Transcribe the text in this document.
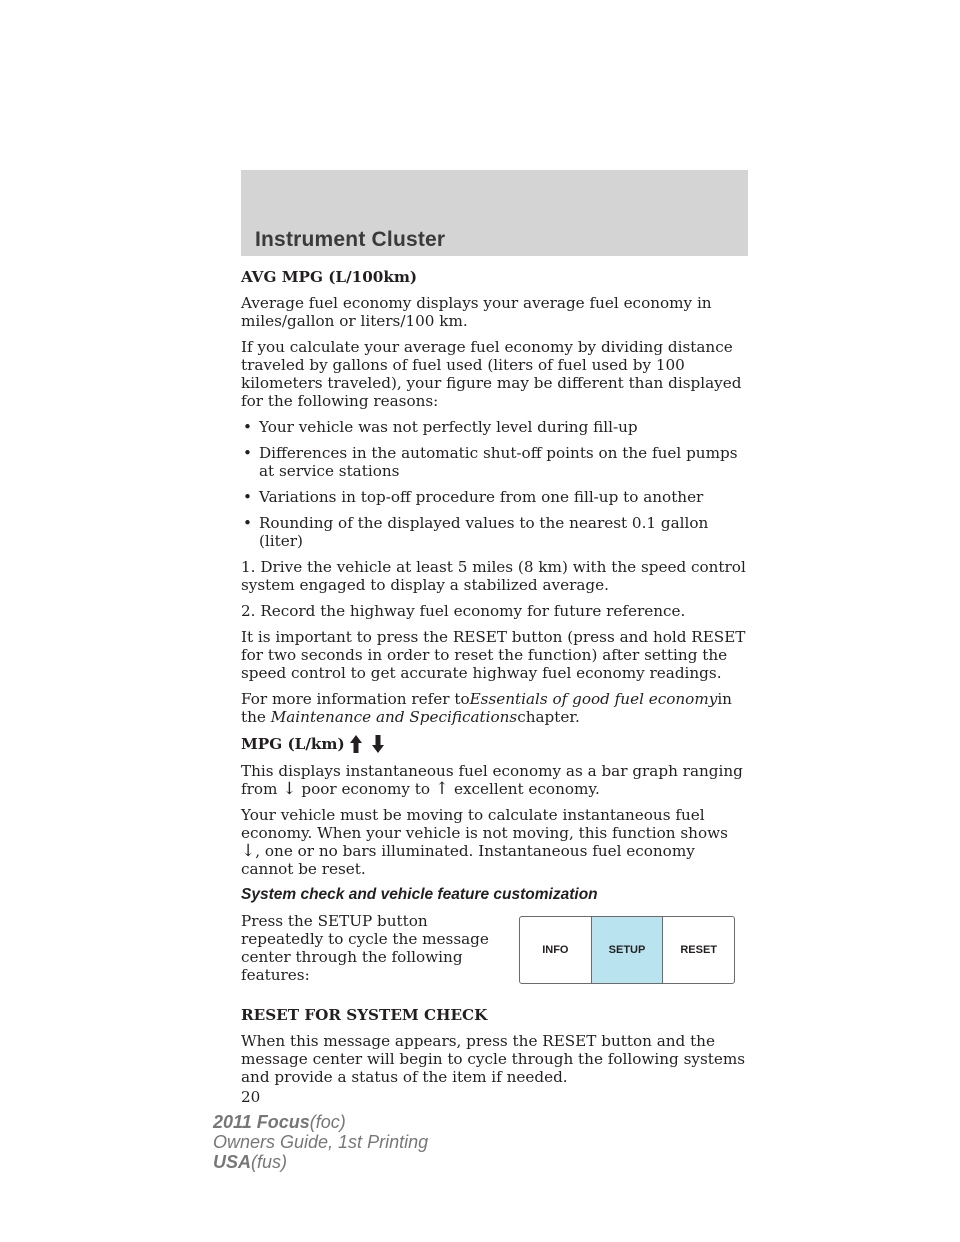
Instrument Cluster
AVG MPG (L/100km)

Average fuel economy displays your average fuel economy in miles/gallon or liters/100 km.

If you calculate your average fuel economy by dividing distance traveled by gallons of fuel used (liters of fuel used by 100 kilometers traveled), your figure may be different than displayed for the following reasons:

• Your vehicle was not perfectly level during fill-up
• Differences in the automatic shut-off points on the fuel pumps at service stations
• Variations in top-off procedure from one fill-up to another
• Rounding of the displayed values to the nearest 0.1 gallon (liter)

1. Drive the vehicle at least 5 miles (8 km) with the speed control system engaged to display a stabilized average.

2. Record the highway fuel economy for future reference.

It is important to press the RESET button (press and hold RESET for two seconds in order to reset the function) after setting the speed control to get accurate highway fuel economy readings.

For more information refer toEssentials of good fuel economyin the Maintenance and Specificationschapter.

MPG (L/km)

This displays instantaneous fuel economy as a bar graph ranging from ↓ poor economy to ↑ excellent economy.

Your vehicle must be moving to calculate instantaneous fuel economy. When your vehicle is not moving, this function shows ↓, one or no bars illuminated. Instantaneous fuel economy cannot be reset.

System check and vehicle feature customization

Press the SETUP button repeatedly to cycle the message center through the following features:

INFO	SETUP	RESET
RESET FOR SYSTEM CHECK

When this message appears, press the RESET button and the message center will begin to cycle through the following systems and provide a status of the item if needed.

20

2011 Focus(foc)
Owners Guide, 1st Printing
USA(fus)
